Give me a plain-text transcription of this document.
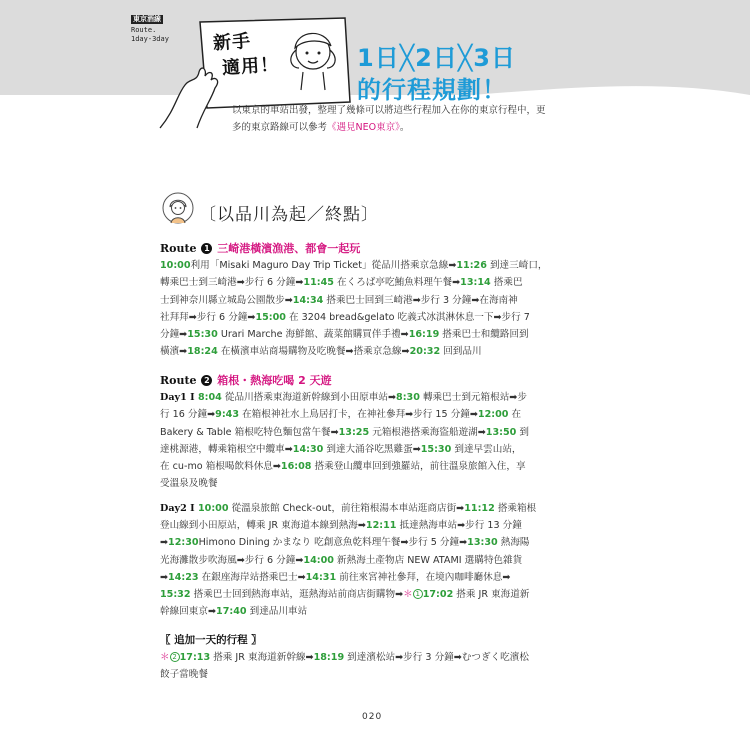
東京酒線
Route.
1day-3day	新手
適用！	1日╳2日╳3日
的行程規劃！
以東京的車站出發，整理了幾條可以將這些行程加入在你的東京行程中，更多的東京路線可以參考《遇見NEO東京》。
〔以品川為起／終點〕
Route 1 三崎港橫濱漁港、都會一起玩
10:00利用「Misaki Maguro Day Trip Ticket」從品川搭乘京急線➡11:26 到達三崎口，
轉乘巴士到三崎港➡步行 6 分鐘➡11:45 在くろば亭吃鮪魚料理午餐➡13:14 搭乘巴
士到神奈川縣立城島公園散步➡14:34 搭乘巴士回到三崎港➡步行 3 分鐘➡在海南神
社拜拜➡步行 6 分鐘➡15:00 在 3204 bread&gelato 吃義式冰淇淋休息一下➡步行 7
分鐘➡15:30 Urari Marche 海鮮館、蔬菜館購買伴手禮➡16:19 搭乘巴士和纜路回到
橫濱➡18:24 在橫濱車站商場購物及吃晚餐➡搭乘京急線➡20:32 回到品川
Route 2 箱根・熱海吃喝 2 天遊
Day1 I 8:04 從品川搭乘東海道新幹線到小田原車站➡8:30 轉乘巴士到元箱根站➡步
行 16 分鐘➡9:43 在箱根神社水上鳥居打卡，在神社參拜➡步行 15 分鐘➡12:00 在
Bakery & Table 箱根吃特色麵包當午餐➡13:25 元箱根港搭乘海盜船遊湖➡13:50 到
達桃源港，轉乘箱根空中纜車➡14:30 到達大涌谷吃黑雞蛋➡15:30 到達早雲山站，
在 cu-mo 箱根喝飲料休息➡16:08 搭乘登山纜車回到強羅站，前往溫泉旅館入住，享
受溫泉及晚餐
Day2 I 10:00 從溫泉旅館 Check-out，前往箱根湯本車站逛商店街➡11:12 搭乘箱根
登山線到小田原站，轉乘 JR 東海道本線到熱海➡12:11 抵達熱海車站➡步行 13 分鐘
➡12:30Himono Dining かまなり 吃創意魚乾料理午餐➡步行 5 分鐘➡13:30 熱海陽
光海灘散步吹海風➡步行 6 分鐘➡14:00 新熱海土產物店 NEW ATAMI 選購特色雜貨
➡14:23 在銀座海岸站搭乘巴士➡14:31 前往來宮神社參拜，在境內咖啡廳休息➡
15:32 搭乘巴士回到熱海車站，逛熱海站前商店街購物➡＊ 1 17:02 搭乘 JR 東海道新
幹線回東京➡17:40 到達品川車站
〖 追加一天的行程 〗
＊ 2 17:13 搭乘 JR 東海道新幹線➡18:19 到達濱松站➡步行 3 分鐘➡むつぎく吃濱松
餃子當晚餐
020
